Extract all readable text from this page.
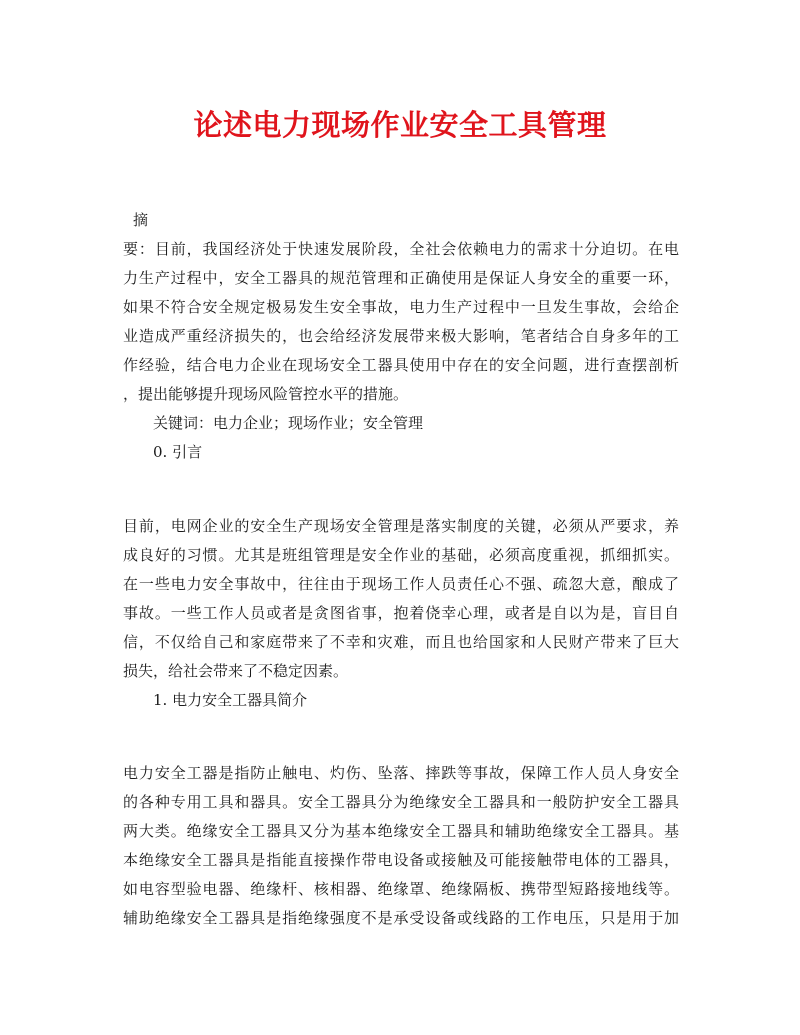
论述电力现场作业安全工具管理
摘
要：目前，我国经济处于快速发展阶段，全社会依赖电力的需求十分迫切。在电
力生产过程中，安全工器具的规范管理和正确使用是保证人身安全的重要一环，
如果不符合安全规定极易发生安全事故，电力生产过程中一旦发生事故，会给企
业造成严重经济损失的，也会给经济发展带来极大影响，笔者结合自身多年的工
作经验，结合电力企业在现场安全工器具使用中存在的安全问题，进行查摆剖析
，提出能够提升现场风险管控水平的措施。
关键词：电力企业；现场作业；安全管理
0. 引言
目前，电网企业的安全生产现场安全管理是落实制度的关键，必须从严要求，养
成良好的习惯。尤其是班组管理是安全作业的基础，必须高度重视，抓细抓实。
在一些电力安全事故中，往往由于现场工作人员责任心不强、疏忽大意，酿成了
事故。一些工作人员或者是贪图省事，抱着侥幸心理，或者是自以为是，盲目自
信，不仅给自己和家庭带来了不幸和灾难，而且也给国家和人民财产带来了巨大
损失，给社会带来了不稳定因素。
1. 电力安全工器具简介
电力安全工器是指防止触电、灼伤、坠落、摔跌等事故，保障工作人员人身安全
的各种专用工具和器具。安全工器具分为绝缘安全工器具和一般防护安全工器具
两大类。绝缘安全工器具又分为基本绝缘安全工器具和辅助绝缘安全工器具。基
本绝缘安全工器具是指能直接操作带电设备或接触及可能接触带电体的工器具，
如电容型验电器、绝缘杆、核相器、绝缘罩、绝缘隔板、携带型短路接地线等。
辅助绝缘安全工器具是指绝缘强度不是承受设备或线路的工作电压，只是用于加
